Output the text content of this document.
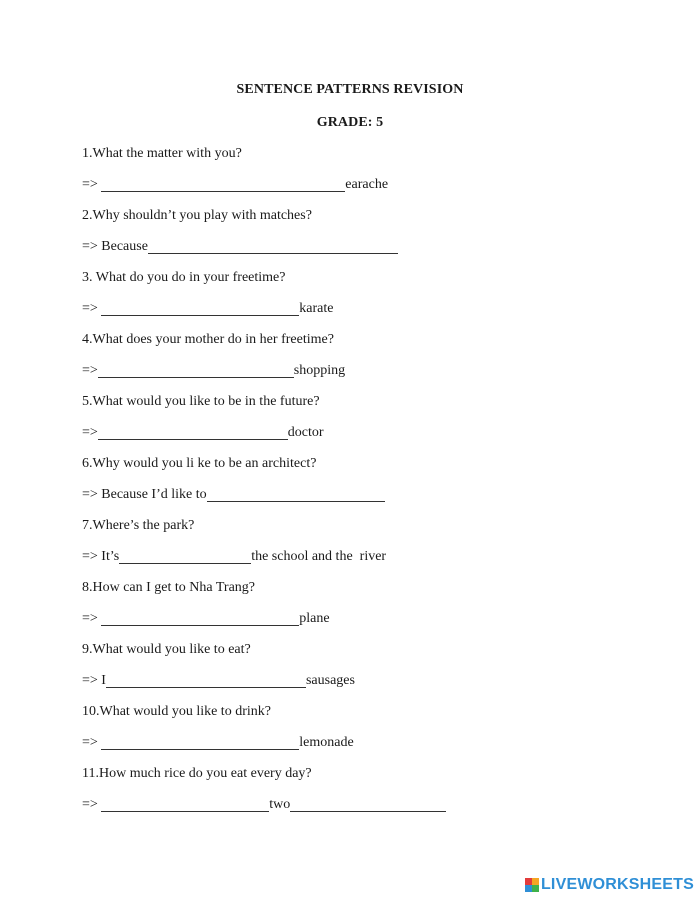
SENTENCE PATTERNS REVISION
GRADE: 5
1.What the matter with you?
=>	earache
2.Why shouldn’t you play with matches?
=> Because
3. What do you do in your freetime?
=>	karate
4.What does your mother do in her freetime?
=>	shopping
5.What would you like to be in the future?
=>	doctor
6.Why would you li ke to be an architect?
=> Because I’d like to
7.Where’s the park?
=> It’s	the school and the  river
8.How can I get to Nha Trang?
=>	plane
9.What would you like to eat?
=> I	sausages
10.What would you like to drink?
=>	lemonade
11.How much rice do you eat every day?
=>	two
LIVEWORKSHEETS
